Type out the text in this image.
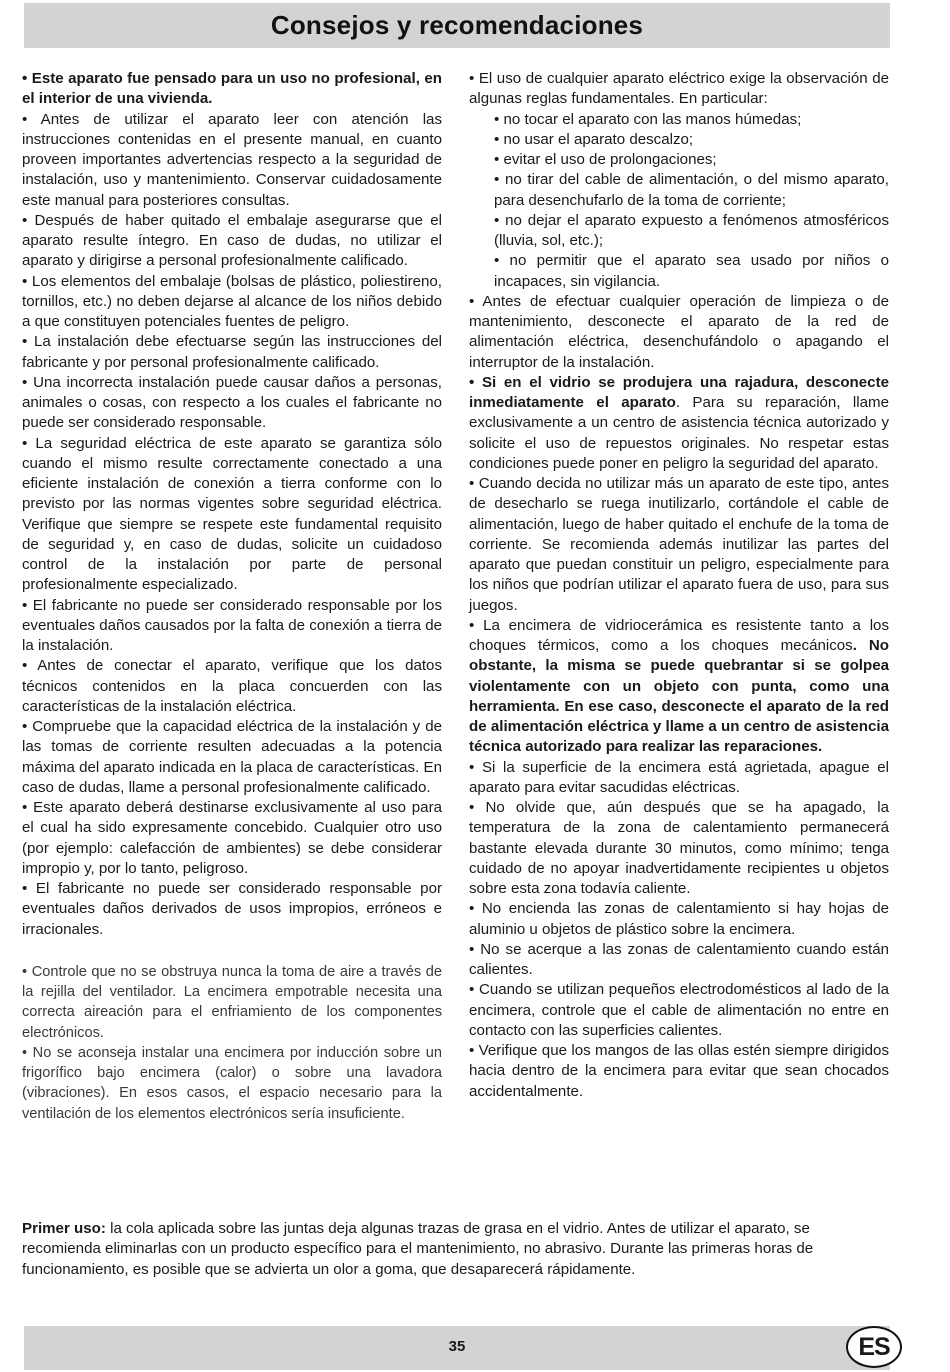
Consejos y recomendaciones

• Este aparato fue pensado para un uso no profesional, en el interior de una vivienda.

• Antes de utilizar el aparato leer con atención las instrucciones contenidas en el presente manual, en cuanto proveen importantes advertencias respecto a la seguridad de instalación, uso y mantenimiento. Conservar cuidadosamente este manual para posteriores consultas.

• Después de haber quitado el embalaje asegurarse que el aparato resulte íntegro. En caso de dudas, no utilizar el aparato y dirigirse a personal profesionalmente calificado.

• Los elementos del embalaje (bolsas de plástico, poliestireno, tornillos, etc.) no deben dejarse al alcance de los niños debido a que constituyen potenciales fuentes de peligro.

• La instalación debe efectuarse según las instrucciones del fabricante y por personal profesionalmente calificado.

• Una incorrecta instalación puede causar daños a personas, animales o cosas, con respecto a los cuales el fabricante no puede ser considerado responsable.

• La seguridad eléctrica de este aparato se garantiza sólo cuando el mismo resulte correctamente conectado a una eficiente instalación de conexión a tierra conforme con lo previsto por las normas vigentes sobre seguridad eléctrica. Verifique que siempre se respete este fundamental requisito de seguridad y, en caso de dudas, solicite un cuidadoso control de la instalación por parte de personal profesionalmente especializado.

• El fabricante no puede ser considerado responsable por los eventuales daños causados por la falta de conexión a tierra de la instalación.

• Antes de conectar el aparato, verifique que los datos técnicos contenidos en la placa concuerden con las características de la instalación eléctrica.

• Compruebe que la capacidad eléctrica de la instalación y de las tomas de corriente resulten adecuadas a la potencia máxima del aparato indicada en la placa de características. En caso de dudas, llame a personal profesionalmente calificado.

• Este aparato deberá destinarse exclusivamente al uso para el cual ha sido expresamente concebido. Cualquier otro uso (por ejemplo: calefacción de ambientes) se debe considerar impropio y, por lo tanto, peligroso.

• El fabricante no puede ser considerado responsable por eventuales daños derivados de usos impropios, erróneos e irracionales.

• Controle que no se obstruya nunca la toma de aire a través de la rejilla del ventilador. La encimera empotrable necesita una correcta aireación para el enfriamiento de los componentes electrónicos.

• No se aconseja instalar una encimera por inducción sobre un frigorífico bajo encimera (calor) o sobre una lavadora (vibraciones). En esos casos, el espacio necesario para la ventilación de los elementos electrónicos sería insuficiente.

• El uso de cualquier aparato eléctrico exige la observación de algunas reglas fundamentales. En particular:

• no tocar el aparato con las manos húmedas;

• no usar el aparato descalzo;

• evitar el uso de prolongaciones;

• no tirar del cable de alimentación, o del mismo aparato, para desenchufarlo de la toma de corriente;

• no dejar el aparato expuesto a fenómenos atmosféricos (lluvia, sol, etc.);

• no permitir que el aparato sea usado por niños o incapaces, sin vigilancia.

• Antes de efectuar cualquier operación de limpieza o de mantenimiento, desconecte el aparato de la red de alimentación eléctrica, desenchufándolo o apagando el interruptor de la instalación.

• Si en el vidrio se produjera una rajadura, desconecte inmediatamente el aparato. Para su reparación, llame exclusivamente a un centro de asistencia técnica autorizado y solicite el uso de repuestos originales. No respetar estas condiciones puede poner en peligro la seguridad del aparato.

• Cuando decida no utilizar más un aparato de este tipo, antes de desecharlo se ruega inutilizarlo, cortándole el cable de alimentación, luego de haber quitado el enchufe de la toma de corriente. Se recomienda además inutilizar las partes del aparato que puedan constituir un peligro, especialmente para los niños que podrían utilizar el aparato fuera de uso, para sus juegos.

• La encimera de vidriocerámica es resistente tanto a los choques térmicos, como a los choques mecánicos. No obstante, la misma se puede quebrantar si se golpea violentamente con un objeto con punta, como una herramienta. En ese caso, desconecte el aparato de la red de alimentación eléctrica y llame a un centro de asistencia técnica autorizado para realizar las reparaciones.

• Si la superficie de la encimera está agrietada, apague el aparato para evitar sacudidas eléctricas.

• No olvide que, aún después que se ha apagado, la temperatura de la zona de calentamiento permanecerá bastante elevada durante 30 minutos, como mínimo; tenga cuidado de no apoyar inadvertidamente recipientes u objetos sobre esta zona todavía caliente.

• No encienda las zonas de calentamiento si hay hojas de aluminio u objetos de plástico sobre la encimera.

• No se acerque a las zonas de calentamiento cuando están calientes.

• Cuando se utilizan pequeños electrodomésticos al lado de la encimera, controle que el cable de alimentación no entre en contacto con las superficies calientes.

• Verifique que los mangos de las ollas estén siempre dirigidos hacia dentro de la encimera para evitar que sean chocados accidentalmente.

Primer uso: la cola aplicada sobre las juntas deja algunas trazas de grasa en el vidrio. Antes de utilizar el aparato, se recomienda eliminarlas con un producto específico para el mantenimiento, no abrasivo. Durante las primeras horas de funcionamiento, es posible que se advierta un olor a goma, que desaparecerá rápidamente.
35	ES
